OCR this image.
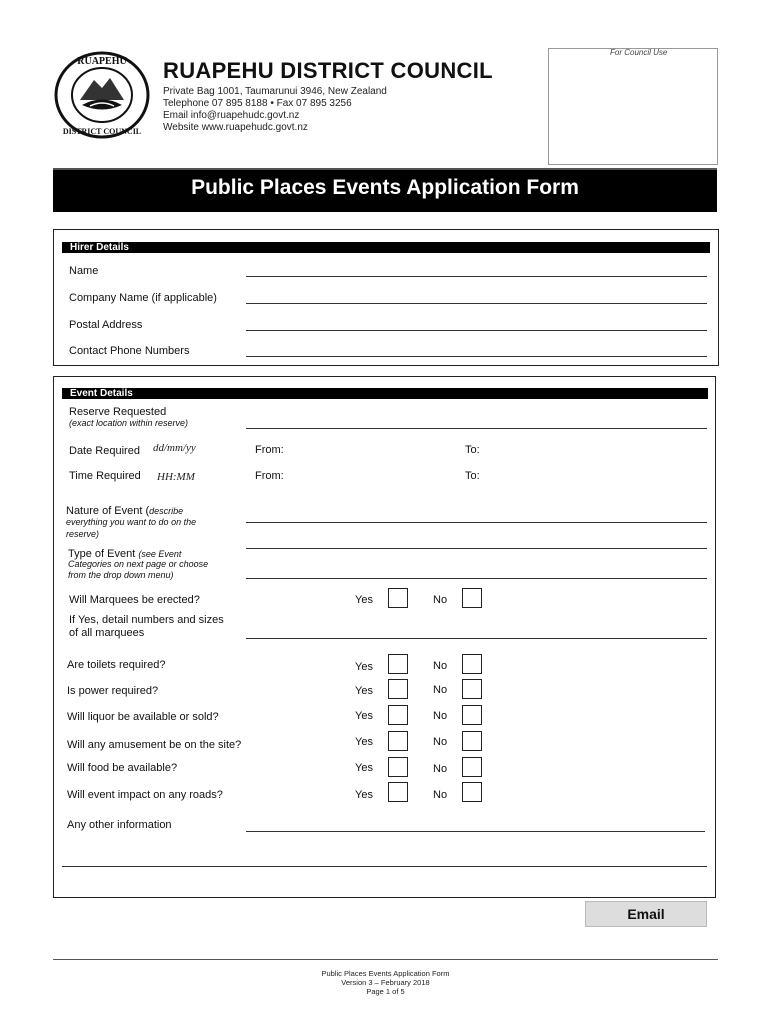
RUAPEHU
DISTRICT COUNCIL
RUAPEHU DISTRICT COUNCIL
Private Bag 1001, Taumarunui 3946, New Zealand
Telephone 07 895 8188 • Fax 07 895 3256
Email info@ruapehudc.govt.nz
Website www.ruapehudc.govt.nz
For Council Use
Public Places Events Application Form
Hirer Details
Name
Company Name (if applicable)
Postal Address
Contact Phone Numbers
Event Details
Reserve Requested
(exact location within reserve)
Date Required dd/mm/yy	From:	To:
Time Required HH:MM	From:	To:
Nature of Event (describe
everything you want to do on the
reserve)
Type of Event (see Event
Categories on next page or choose
from the drop down menu)
Will Marquees be erected?	Yes	No
If Yes, detail numbers and sizes
of all marquees
Are toilets required?	Yes	No
Is power required?	Yes	No
Will liquor be available or sold?	Yes	No
Will any amusement be on the site?	Yes	No
Will food be available?	Yes	No
Will event impact on any roads?	Yes	No
Any other information
Email
Public Places Events Application Form
Version 3 – February 2018
Page 1 of 5
